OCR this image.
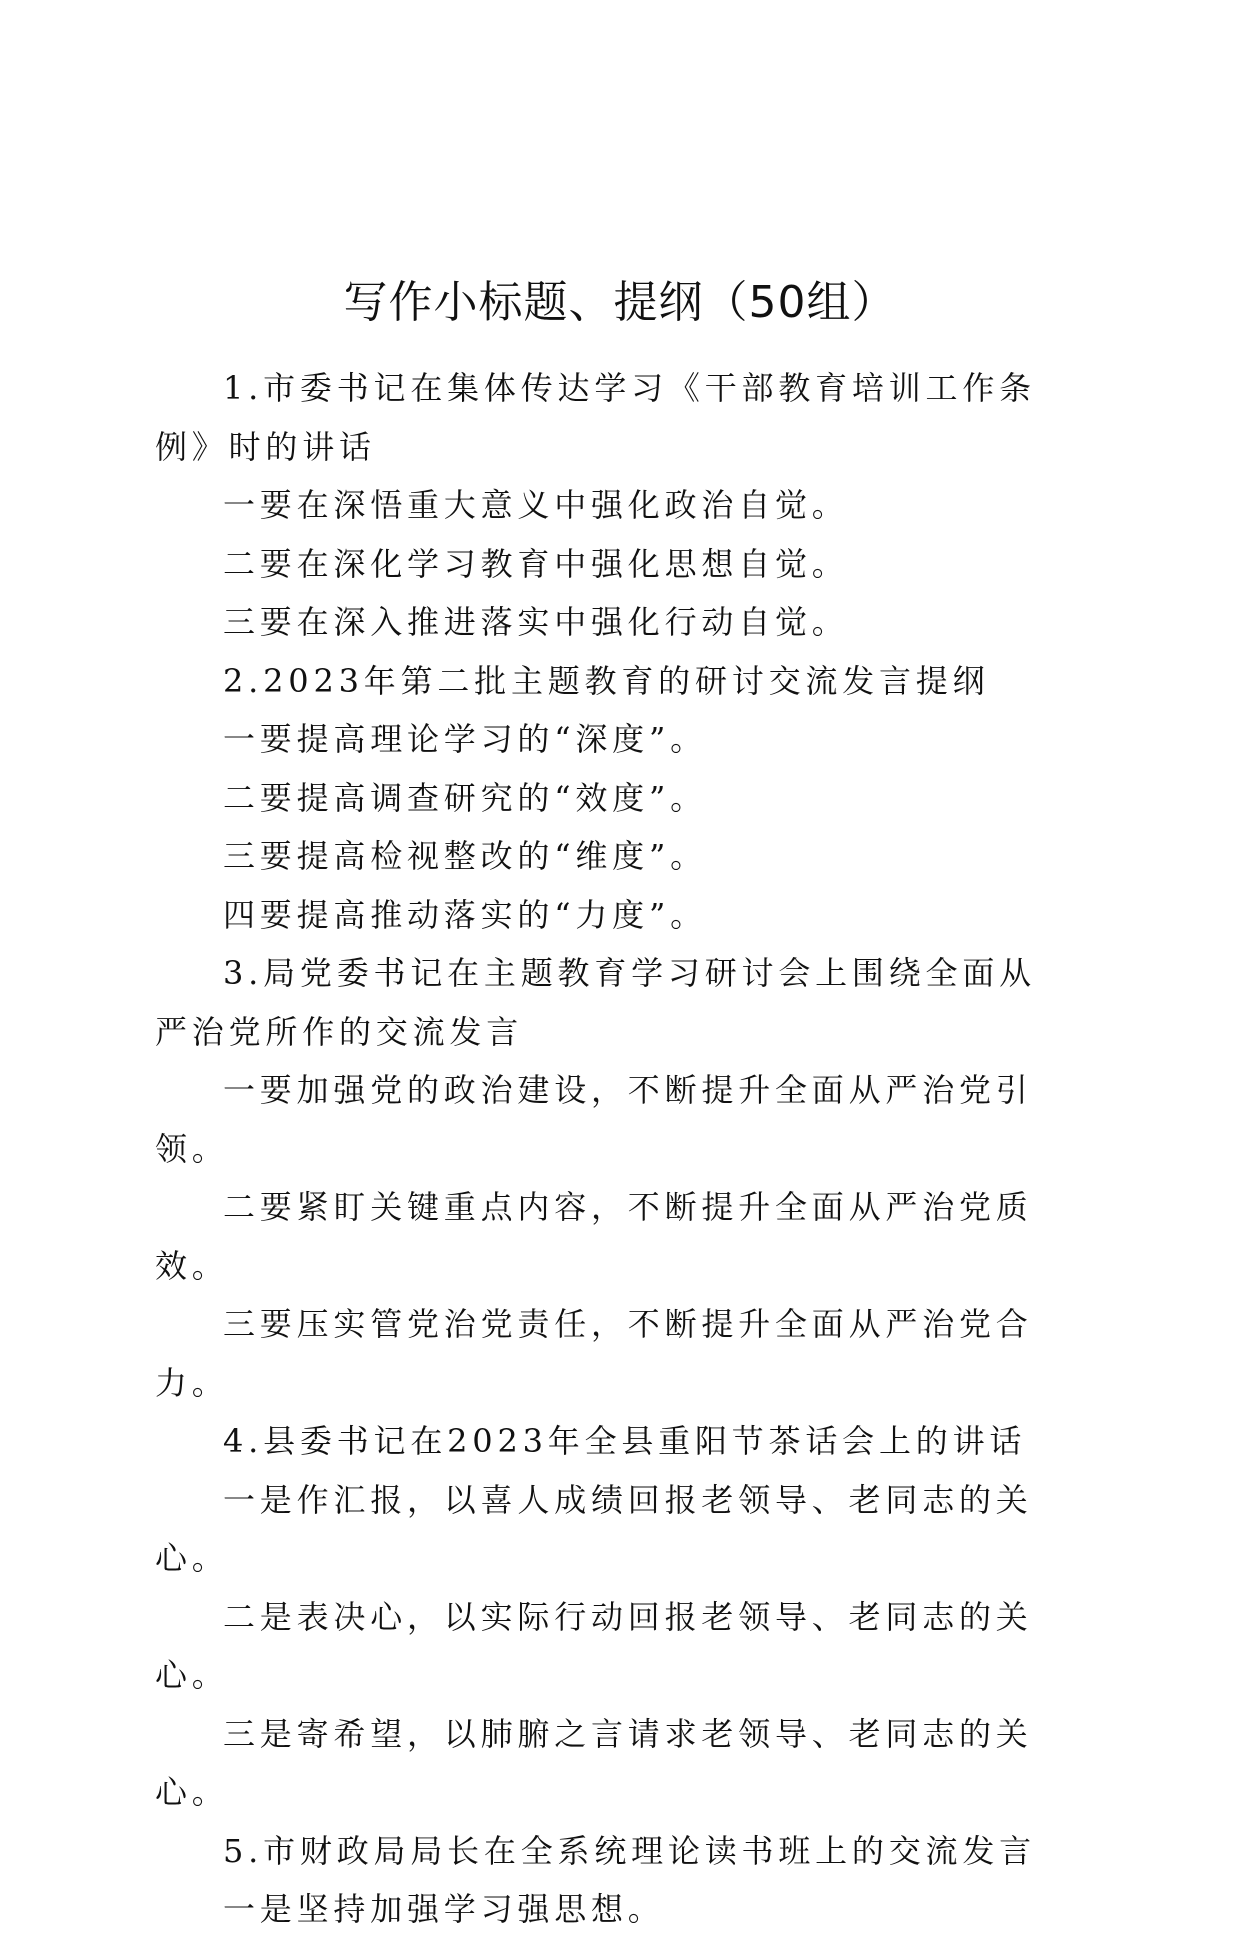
写作小标题、提纲（50组）

1.市委书记在集体传达学习《干部教育培训工作条例》时的讲话

一要在深悟重大意义中强化政治自觉。

二要在深化学习教育中强化思想自觉。

三要在深入推进落实中强化行动自觉。

2.2023年第二批主题教育的研讨交流发言提纲

一要提高理论学习的“深度”。

二要提高调查研究的“效度”。

三要提高检视整改的“维度”。

四要提高推动落实的“力度”。

3.局党委书记在主题教育学习研讨会上围绕全面从严治党所作的交流发言

一要加强党的政治建设，不断提升全面从严治党引领。

二要紧盯关键重点内容，不断提升全面从严治党质效。

三要压实管党治党责任，不断提升全面从严治党合力。

4.县委书记在2023年全县重阳节茶话会上的讲话

一是作汇报，以喜人成绩回报老领导、老同志的关心。

二是表决心，以实际行动回报老领导、老同志的关心。

三是寄希望，以肺腑之言请求老领导、老同志的关心。

5.市财政局局长在全系统理论读书班上的交流发言

一是坚持加强学习强思想。
